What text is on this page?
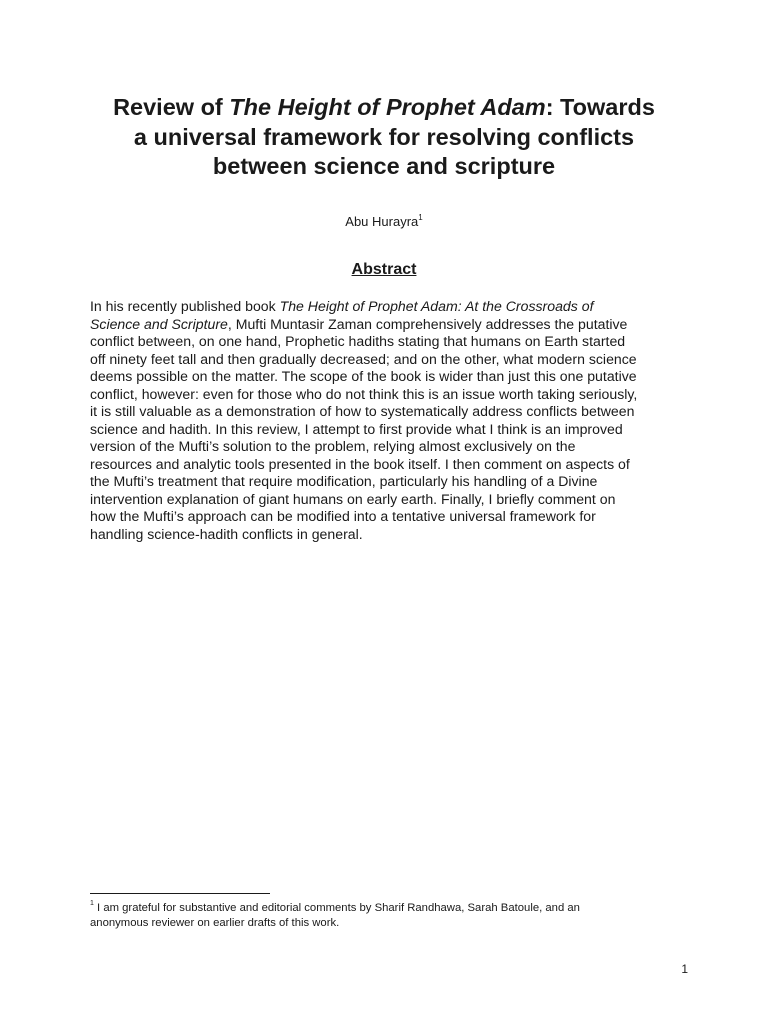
Review of The Height of Prophet Adam: Towards
a universal framework for resolving conflicts
between science and scripture
Abu Hurayra$^1$
Abstract

In his recently published book The Height of Prophet Adam: At the Crossroads of
Science and Scripture, Mufti Muntasir Zaman comprehensively addresses the putative
conflict between, on one hand, Prophetic hadiths stating that humans on Earth started
off ninety feet tall and then gradually decreased; and on the other, what modern science
deems possible on the matter. The scope of the book is wider than just this one putative
conflict, however: even for those who do not think this is an issue worth taking seriously,
it is still valuable as a demonstration of how to systematically address conflicts between
science and hadith. In this review, I attempt to first provide what I think is an improved
version of the Mufti’s solution to the problem, relying almost exclusively on the
resources and analytic tools presented in the book itself. I then comment on aspects of
the Mufti’s treatment that require modification, particularly his handling of a Divine
intervention explanation of giant humans on early earth. Finally, I briefly comment on
how the Mufti’s approach can be modified into a tentative universal framework for
handling science-hadith conflicts in general.

$^1$ I am grateful for substantive and editorial comments by Sharif Randhawa, Sarah Batoule, and an
anonymous reviewer on earlier drafts of this work.

1
